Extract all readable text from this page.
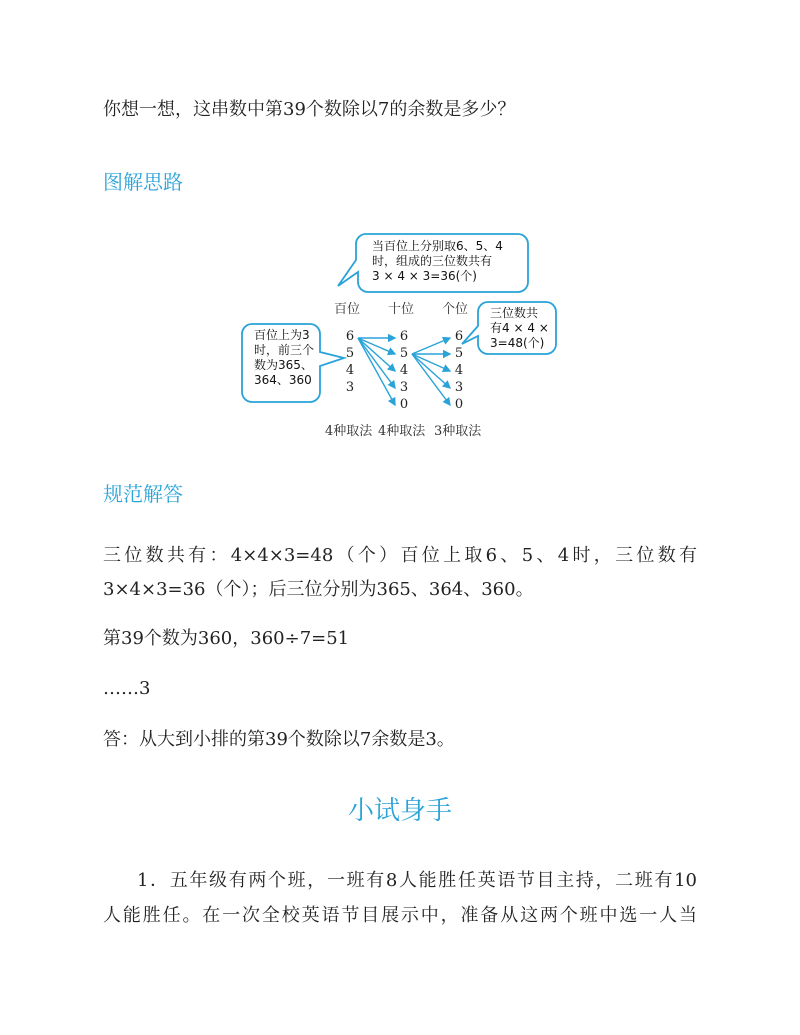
你想一想，这串数中第39个数除以7的余数是多少？
图解思路
当百位上分别取6、5、4
时，组成的三位数共有
3 × 4 × 3=36(个)
百位上为3
时，前三个
数为365、
364、360
三位数共
有4 × 4 ×
3=48(个)
百位 十位 个位
6
5
4
3
6
5
4
3
0
6
5
4
3
0
4种取法 4种取法 3种取法
规范解答
三位数共有：4×4×3=48（个）百位上取6、5、4时，三位数有
3×4×3=36（个）；后三位分别为365、364、360。
第39个数为360，360÷7=51
……3
答：从大到小排的第39个数除以7余数是3。
小试身手
1．五年级有两个班，一班有8人能胜任英语节目主持，二班有10
人能胜任。在一次全校英语节目展示中，准备从这两个班中选一人当
